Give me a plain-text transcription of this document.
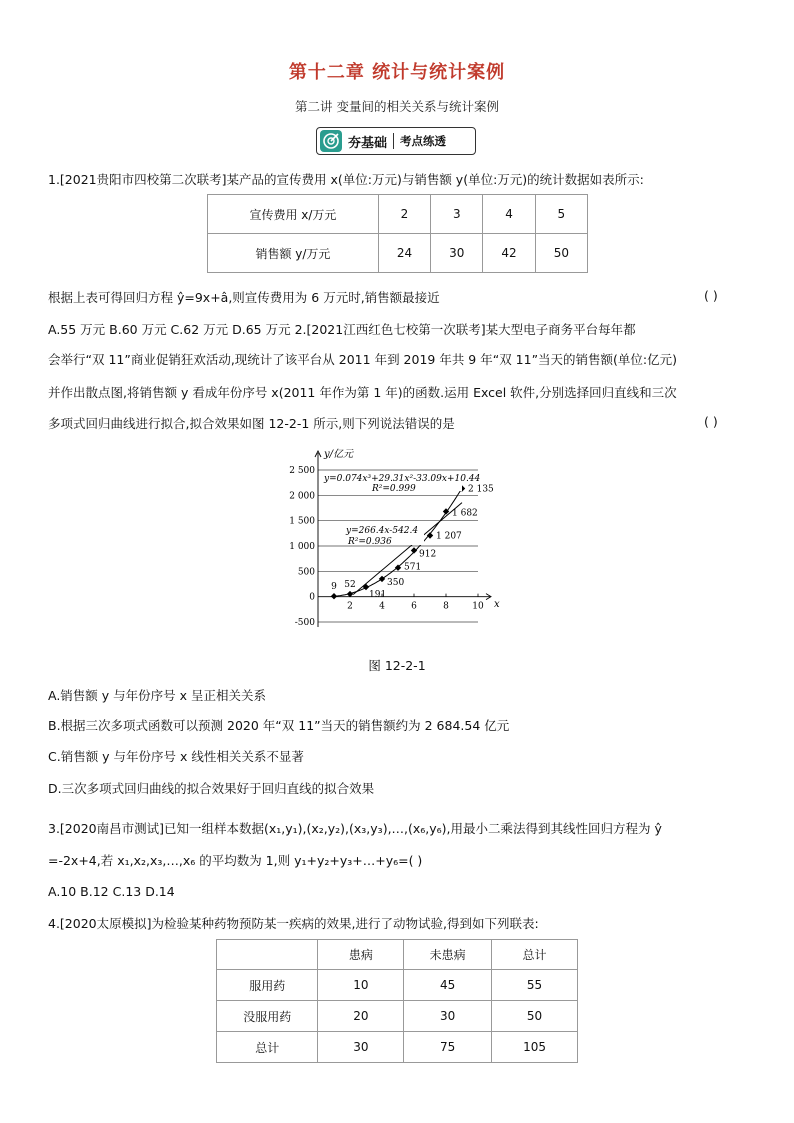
第十二章 统计与统计案例
第二讲 变量间的相关关系与统计案例
夯基础 考点练透
1.[2021贵阳市四校第二次联考]某产品的宣传费用 x(单位:万元)与销售额 y(单位:万元)的统计数据如表所示:
宣传费用 x/万元	2	3	4	5
销售额 y/万元	24	30	42	50
根据上表可得回归方程 ŷ=9x+â,则宣传费用为 6 万元时,销售额最接近	( )
A.55 万元 B.60 万元 C.62 万元 D.65 万元 2.[2021江西红色七校第一次联考]某大型电子商务平台每年都
会举行“双 11”商业促销狂欢活动,现统计了该平台从 2011 年到 2019 年共 9 年“双 11”当天的销售额(单位:亿元)
并作出散点图,将销售额 y 看成年份序号 x(2011 年作为第 1 年)的函数.运用 Excel 软件,分别选择回归直线和三次
多项式回归曲线进行拟合,拟合效果如图 12-2-1 所示,则下列说法错误的是	( )
y/亿元
x
2 500
2 000
1 500
1 000
500
0
-500
2	4	6	8	10
9 52
191
350
571
912
1 207
1 682
2 135
y=0.074x³+29.31x²-33.09x+10.44
R²=0.999
y=266.4x-542.4
R²=0.936
图 12-2-1
A.销售额 y 与年份序号 x 呈正相关关系
B.根据三次多项式函数可以预测 2020 年“双 11”当天的销售额约为 2 684.54 亿元
C.销售额 y 与年份序号 x 线性相关关系不显著
D.三次多项式回归曲线的拟合效果好于回归直线的拟合效果
3.[2020南昌市测试]已知一组样本数据(x₁,y₁),(x₂,y₂),(x₃,y₃),…,(x₆,y₆),用最小二乘法得到其线性回归方程为 ŷ
=-2x+4,若 x₁,x₂,x₃,…,x₆ 的平均数为 1,则 y₁+y₂+y₃+…+y₆=( )
A.10 B.12 C.13 D.14
4.[2020太原模拟]为检验某种药物预防某一疾病的效果,进行了动物试验,得到如下列联表:
	患病	未患病	总计
服用药	10	45	55
没服用药	20	30	50
总计	30	75	105
